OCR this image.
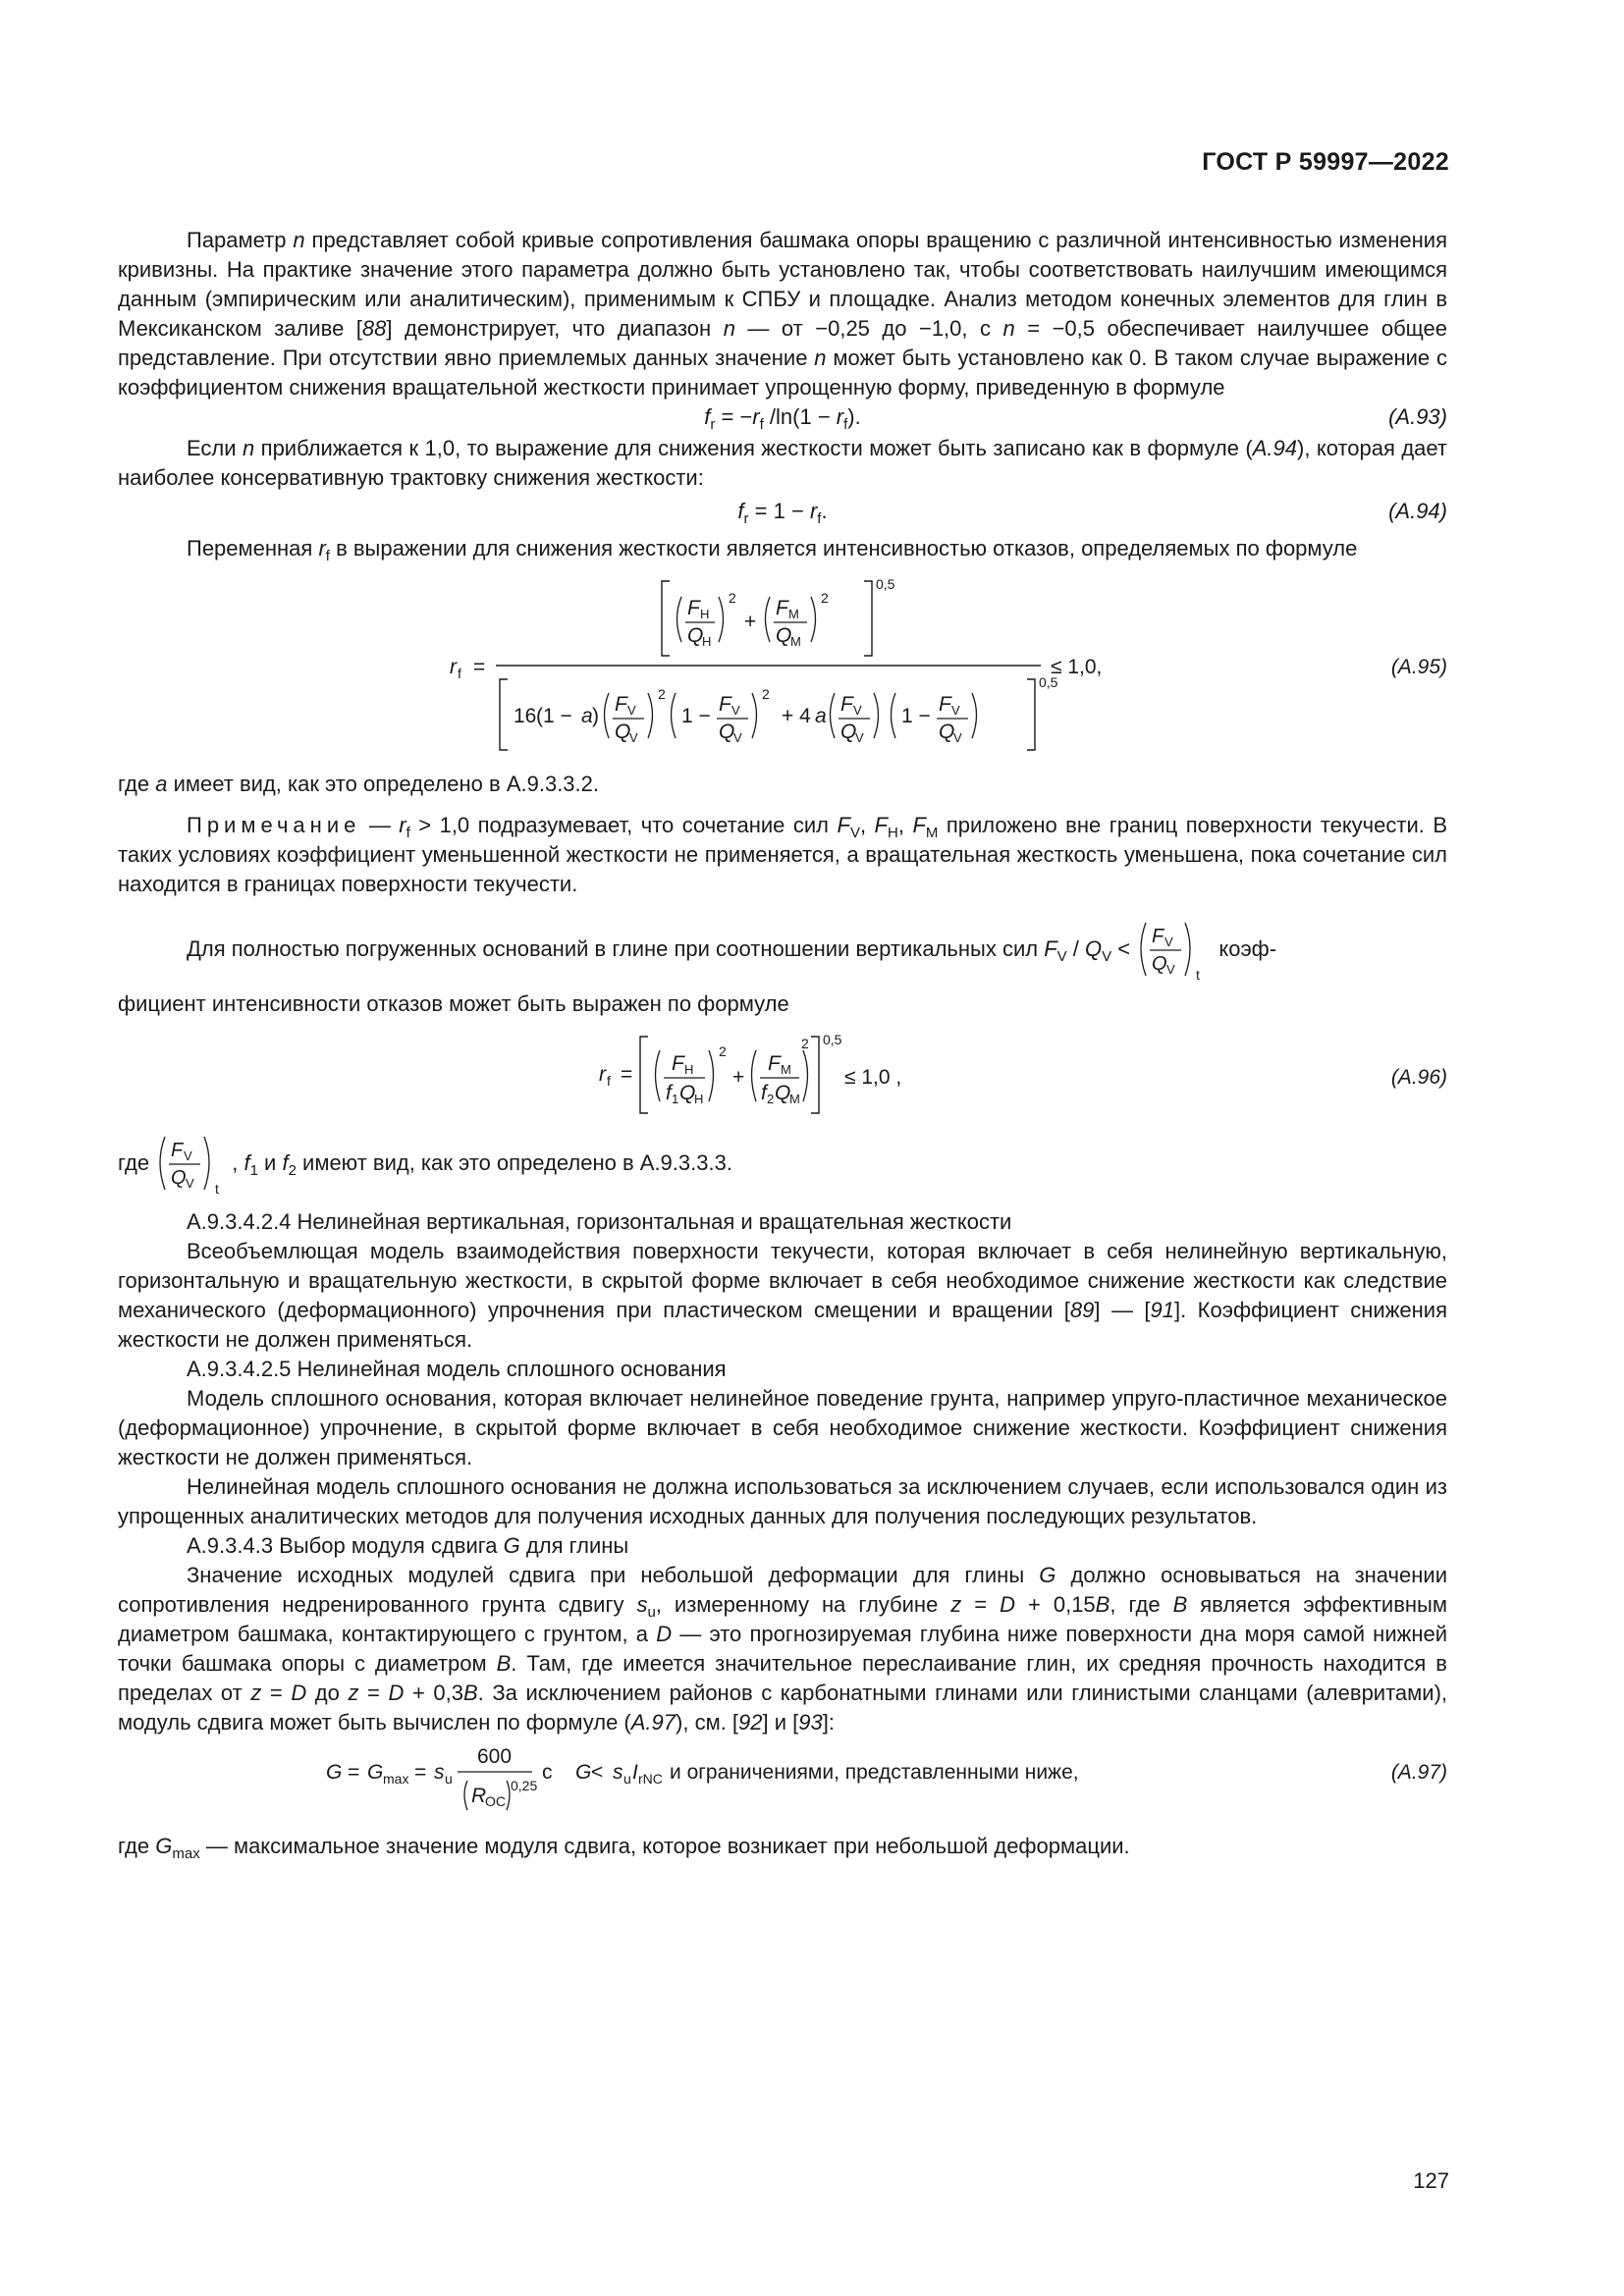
ГОСТ Р 59997—2022

Параметр n представляет собой кривые сопротивления башмака опоры вращению с различной интенсивностью изменения кривизны. На практике значение этого параметра должно быть установлено так, чтобы соответствовать наилучшим имеющимся данным (эмпирическим или аналитическим), применимым к СПБУ и площадке. Анализ методом конечных элементов для глин в Мексиканском заливе [88] демонстрирует, что диапазон n — от −0,25 до −1,0, с n = −0,5 обеспечивает наилучшее общее представление. При отсутствии явно приемлемых данных значение n может быть установлено как 0. В таком случае выражение с коэффициентом снижения вращательной жесткости принимает упрощенную форму, приведенную в формуле

$f_r = -r_f$ $/\ln(1 - r_f)$.	(A.93)

Если n приближается к 1,0, то выражение для снижения жесткости может быть записано как в формуле (A.94), которая дает наиболее консервативную трактовку снижения жесткости:

$f_r = 1 - r_f$.	(A.94)

Переменная $r_f$ в выражении для снижения жесткости является интенсивностью отказов, определяемых по формуле

r f =	≤ 1,0,
0,5
F H
Q
H
2
+
F M
Q
M
2
0,5
16 (1 − a )
F V
Q
V
2
1 −
F V
Q
V
2
+ 4 a
F V
Q
V
1 −
F V
Q
V
(A.95)

где a имеет вид, как это определено в А.9.3.3.2.

Примечание — $r_f > 1,0$ подразумевает, что сочетание сил $F_V$, $F_H$, $F_M$ приложено вне границ поверхности текучести. В таких условиях коэффициент уменьшенной жесткости не применяется, а вращательная жесткость уменьшена, пока сочетание сил находится в границах поверхности текучести.

Для полностью погруженных оснований в глине при соотношении вертикальных сил $F_V / Q_V < F$ V
Q V t
коэф-

фициент интенсивности отказов может быть выражен по формуле

r f =
0,5
F H
f 1 Q
H
2
+
F M
f 2 Q
M
2
≤ 1,0 ,	(A.96)

где F V
Q V t
, $f_1$ и $f_2$ имеют вид, как это определено в А.9.3.3.3.

А.9.3.4.2.4 Нелинейная вертикальная, горизонтальная и вращательная жесткости

Всеобъемлющая модель взаимодействия поверхности текучести, которая включает в себя нелинейную вертикальную, горизонтальную и вращательную жесткости, в скрытой форме включает в себя необходимое снижение жесткости как следствие механического (деформационного) упрочнения при пластическом смещении и вращении [89] — [91]. Коэффициент снижения жесткости не должен применяться.

А.9.3.4.2.5 Нелинейная модель сплошного основания

Модель сплошного основания, которая включает нелинейное поведение грунта, например упруго-пластичное механическое (деформационное) упрочнение, в скрытой форме включает в себя необходимое снижение жесткости. Коэффициент снижения жесткости не должен применяться.

Нелинейная модель сплошного основания не должна использоваться за исключением случаев, если использовался один из упрощенных аналитических методов для получения исходных данных для получения последующих результатов.

А.9.3.4.3 Выбор модуля сдвига G для глины

Значение исходных модулей сдвига при небольшой деформации для глины G должно основываться на значении сопротивления недренированного грунта сдвигу $s_u$, измеренному на глубине z = D + 0,15B, где B является эффективным диаметром башмака, контактирующего с грунтом, а D — это прогнозируемая глубина ниже поверхности дна моря самой нижней точки башмака опоры с диаметром B. Там, где имеется значительное переслаивание глин, их средняя прочность находится в пределах от z = D до z = D + 0,3B. За исключением районов с карбонатными глинами или глинистыми сланцами (алевритами), модуль сдвига может быть вычислен по формуле (A.97), см. [92] и [93]:

G = G max = s u
600
R
OC
0,25
с G < s u I rNC и ограничениями, представленными ниже,	(A.97)

где $G_{max}$ — максимальное значение модуля сдвига, которое возникает при небольшой деформации.

127
